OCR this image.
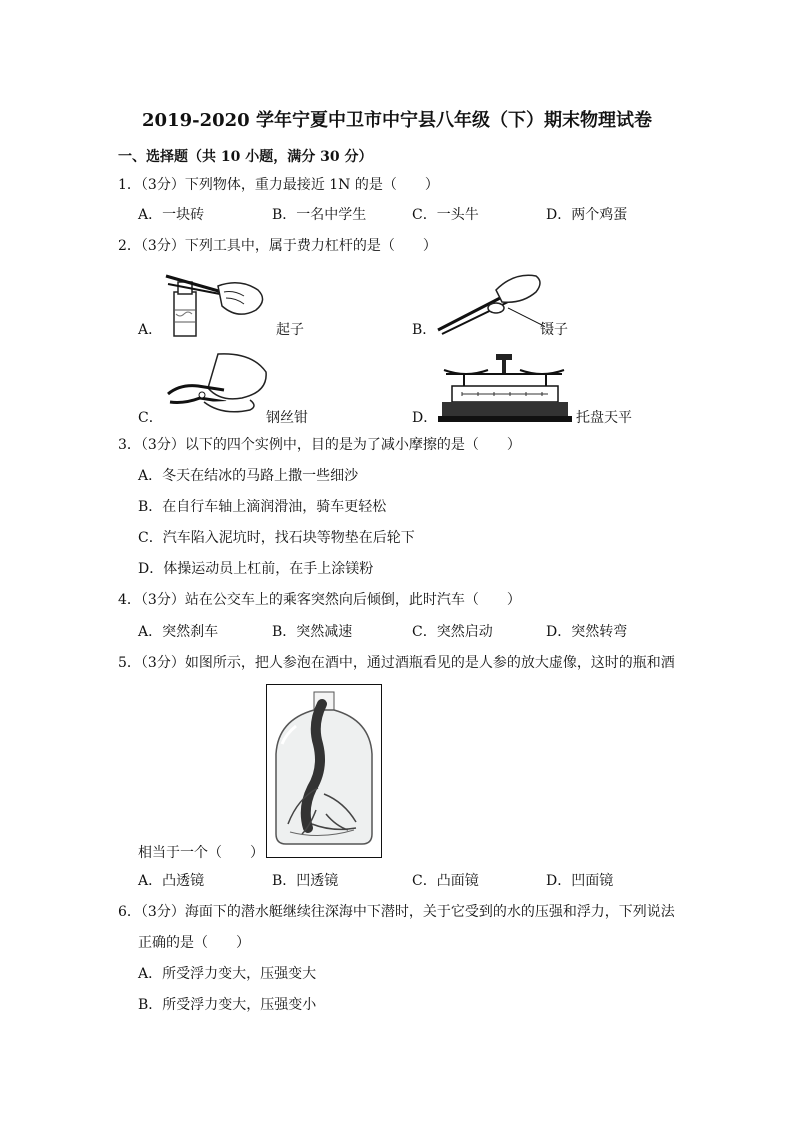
2019-2020 学年宁夏中卫市中宁县八年级（下）期末物理试卷
一、选择题（共 10 小题，满分 30 分）
1．（3分）下列物体，重力最接近 1N 的是（　　）
A．一块砖	B．一名中学生	C．一头牛	D．两个鸡蛋
2．（3分）下列工具中，属于费力杠杆的是（　　）
A．	起子	B．	镊子
C．	钢丝钳	D．	托盘天平
3．（3分）以下的四个实例中，目的是为了减小摩擦的是（　　）
A．冬天在结冰的马路上撒一些细沙
B．在自行车轴上滴润滑油，骑车更轻松
C．汽车陷入泥坑时，找石块等物垫在后轮下
D．体操运动员上杠前，在手上涂镁粉
4．（3分）站在公交车上的乘客突然向后倾倒，此时汽车（　　）
A．突然刹车	B．突然减速	C．突然启动	D．突然转弯
5．（3分）如图所示，把人参泡在酒中，通过酒瓶看见的是人参的放大虚像，这时的瓶和酒
相当于一个（　　）
A．凸透镜	B．凹透镜	C．凸面镜	D．凹面镜
6．（3分）海面下的潜水艇继续往深海中下潜时，关于它受到的水的压强和浮力，下列说法
正确的是（　　）
A．所受浮力变大，压强变大
B．所受浮力变大，压强变小
